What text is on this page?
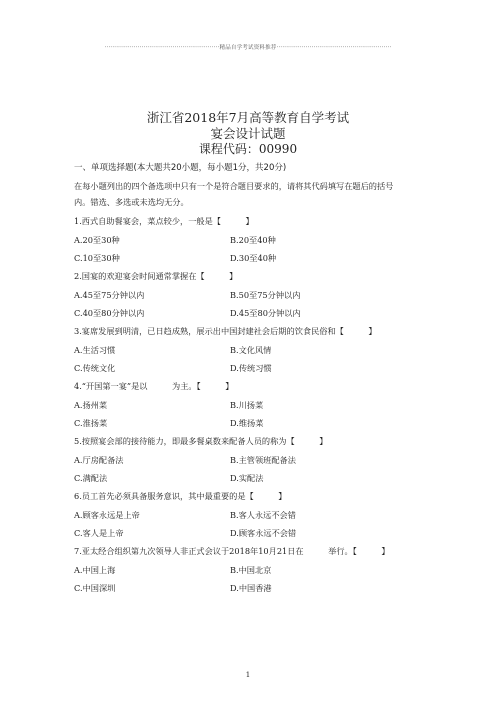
···························································精品自学考试资料推荐···························································
浙江省2018年7月高等教育自学考试
宴会设计试题
课程代码：00990
一、单项选择题(本大题共20小题，每小题1分，共20分)
在每小题列出的四个备选项中只有一个是符合题目要求的，请将其代码填写在题后的括号
内。错选、多选或未选均无分。
1.西式自助餐宴会，菜点较少，一般是【　　　】
A.20至30种	B.20至40种
C.10至30种	D.30至40种
2.国宴的欢迎宴会时间通常掌握在【　　　】
A.45至75分钟以内	B.50至75分钟以内
C.40至80分钟以内	D.45至80分钟以内
3.宴席发展到明清，已日趋成熟，展示出中国封建社会后期的饮食民俗和【　　　】
A.生活习惯	B.文化风情
C.传统文化	D.传统习惯
4.“开国第一宴”是以　　　为主。【　　　】
A.扬州菜	B.川扬菜
C.淮扬菜	D.维扬菜
5.按照宴会部的接待能力，即最多餐桌数来配备人员的称为【　　　】
A.厅房配备法	B.主管领班配备法
C.满配法	D.实配法
6.员工首先必须具备服务意识，其中最重要的是【　　　】
A.顾客永远是上帝	B.客人永远不会错
C.客人是上帝	D.顾客永远不会错
7.亚太经合组织第九次领导人非正式会议于2018年10月21日在　　　举行。【　　　】
A.中国上海	B.中国北京
C.中国深圳	D.中国香港
1
